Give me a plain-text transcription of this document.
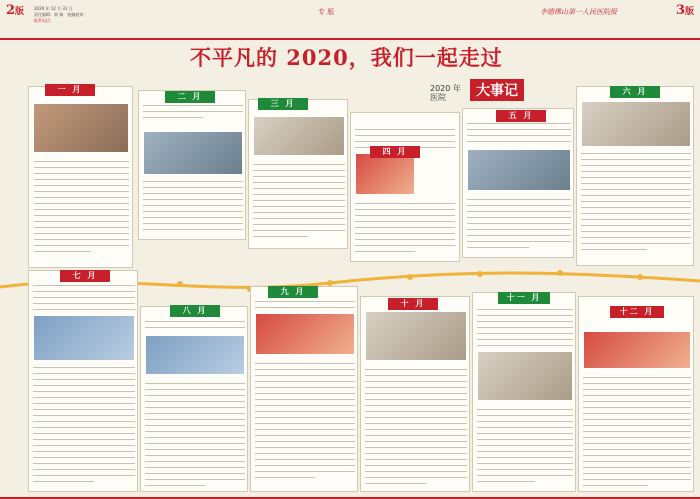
2版 2020 年 12 月 31 日
责任编辑：黄 瑞　校编校审：
联系电话：
专 版	李德佛山第一人民医院报	3版
不平凡的 2020，我们一起走过
2020 年
医院	大事记
一 月
二 月
三 月
四 月
五 月
六 月
七 月
八 月
九 月
十 月
十一 月
十二 月
